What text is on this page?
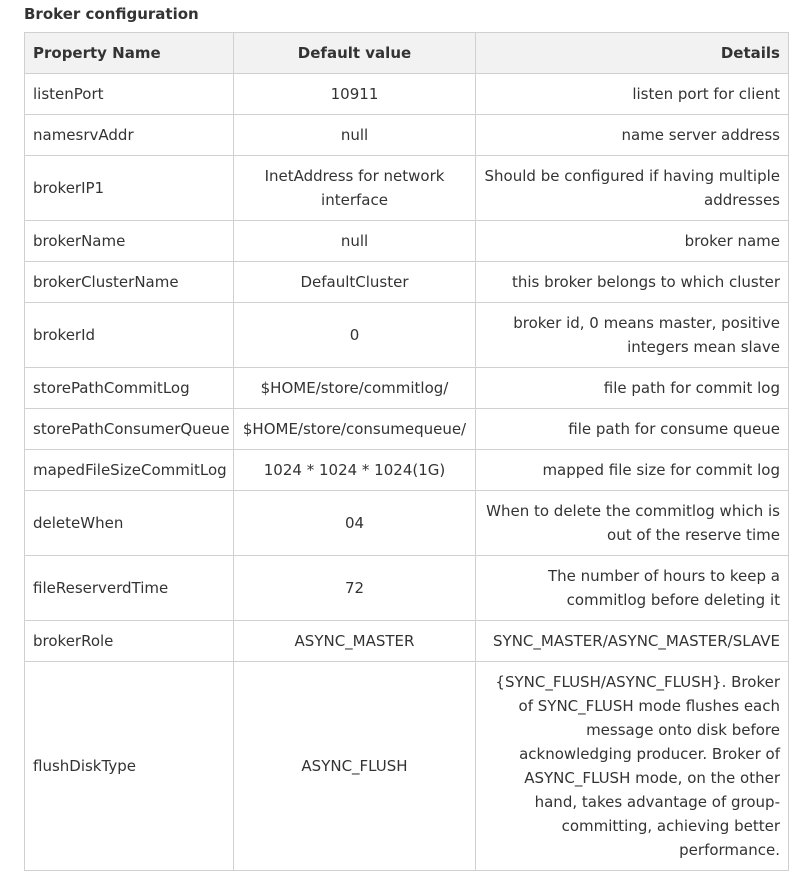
Broker configuration
Property Name	Default value	Details
listenPort	10911	listen port for client
namesrvAddr	null	name server address
brokerIP1	InetAddress for network interface	Should be configured if having multiple addresses
brokerName	null	broker name
brokerClusterName	DefaultCluster	this broker belongs to which cluster
brokerId	0	broker id, 0 means master, positive integers mean slave
storePathCommitLog	$HOME/store/commitlog/	file path for commit log
storePathConsumerQueue	$HOME/store/consumequeue/	file path for consume queue
mapedFileSizeCommitLog	1024 * 1024 * 1024(1G)	mapped file size for commit log
deleteWhen	04	When to delete the commitlog which is out of the reserve time
fileReserverdTime	72	The number of hours to keep a commitlog before deleting it
brokerRole	ASYNC_MASTER	SYNC_MASTER/ASYNC_MASTER/SLAVE
flushDiskType	ASYNC_FLUSH	{SYNC_FLUSH/ASYNC_FLUSH}. Broker of SYNC_FLUSH mode flushes each message onto disk before acknowledging producer. Broker of ASYNC_FLUSH mode, on the other hand, takes advantage of group-committing, achieving better performance.
